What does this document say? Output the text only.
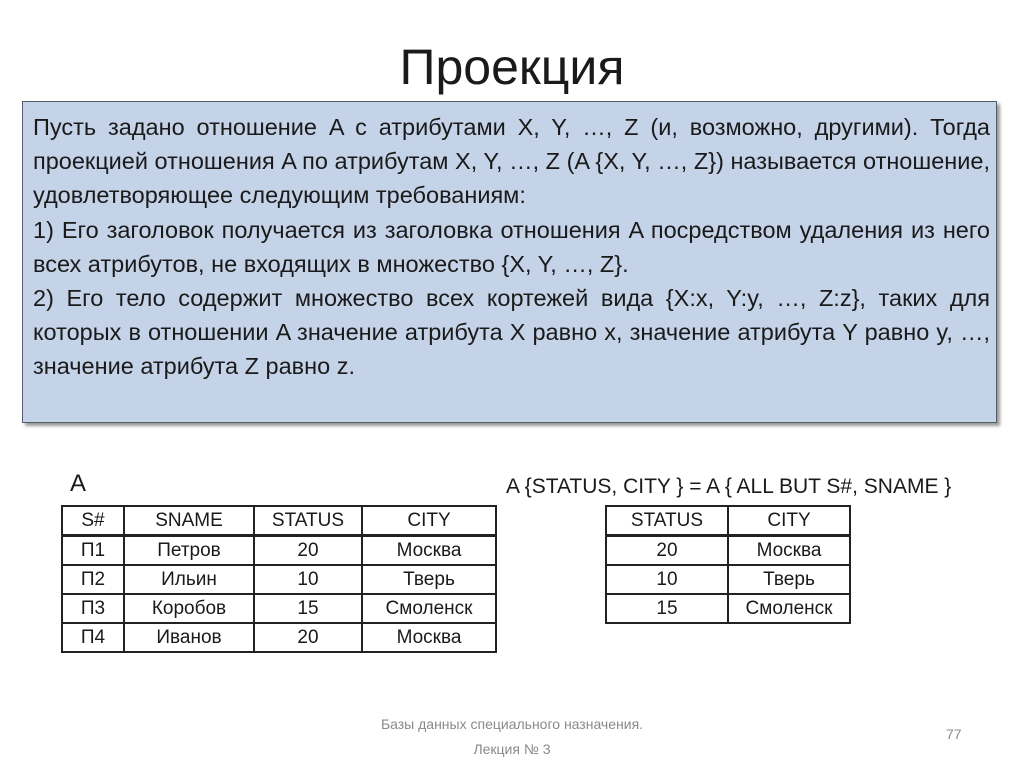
Проекция

Пусть задано отношение A с атрибутами X, Y, …, Z (и, возможно, другими). Тогда проекцией отношения A по атрибутам X, Y, …, Z (A {X, Y, …, Z}) называется отношение, удовлетворяющее следующим требованиям:

1) Его заголовок получается из заголовка отношения A посредством удаления из него всех атрибутов, не входящих в множество {X, Y, …, Z}.

2) Его тело содержит множество всех кортежей вида {X:x, Y:y, …, Z:z}, таких для которых в отношении A значение атрибута X равно x, значение атрибута Y равно y, …, значение атрибута Z равно z.

A	A {STATUS, CITY } = A { ALL BUT S#, SNAME }
S#	SNAME	STATUS	CITY
П1	Петров	20	Москва
П2	Ильин	10	Тверь
П3	Коробов	15	Смоленск
П4	Иванов	20	Москва
STATUS	CITY
20	Москва
10	Тверь
15	Смоленск
Базы данных специального назначения.
Лекция № 3
77
